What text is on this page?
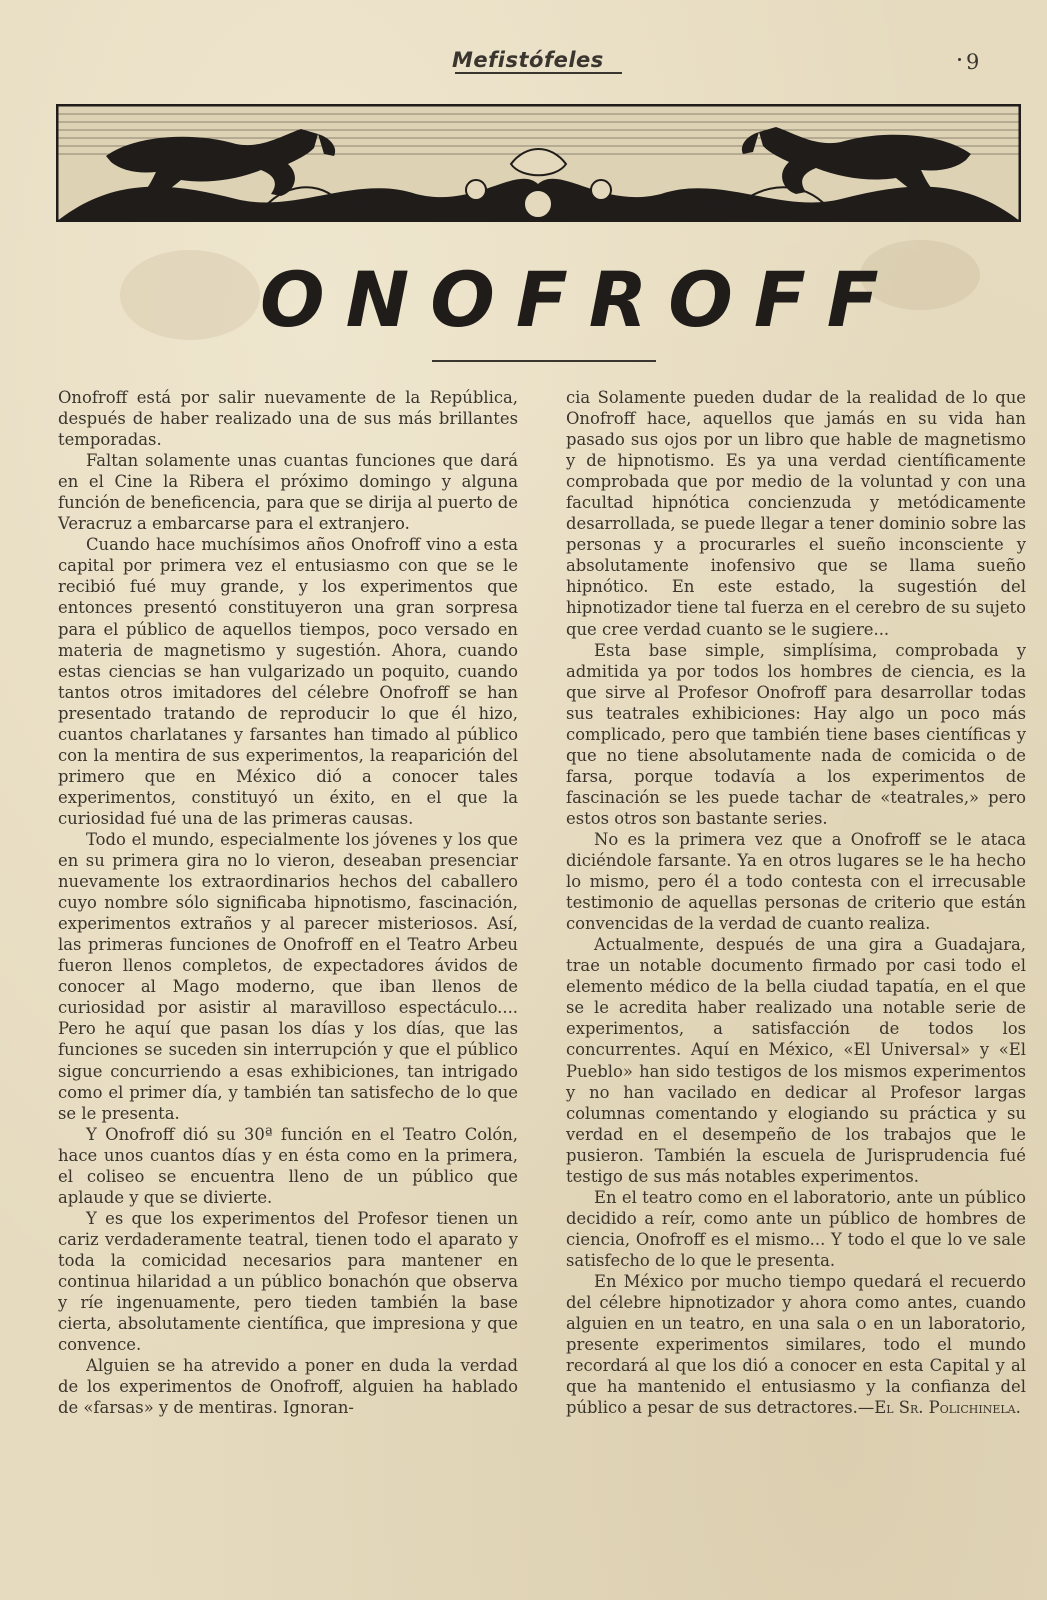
Mefistófeles	9
ONOFROFF

Onofroff está por salir nuevamente de la República, después de haber realizado una de sus más brillantes temporadas.

Faltan solamente unas cuantas funciones que dará en el Cine la Ribera el próximo domingo y alguna función de beneficencia, para que se dirija al puerto de Veracruz a embarcarse para el extranjero.

Cuando hace muchísimos años Onofroff vino a esta capital por primera vez el entusiasmo con que se le recibió fué muy grande, y los experimentos que entonces presentó constituyeron una gran sorpresa para el público de aquellos tiempos, poco versado en materia de magnetismo y sugestión. Ahora, cuando estas ciencias se han vulgarizado un poquito, cuando tantos otros imitadores del célebre Onofroff se han presentado tratando de reproducir lo que él hizo, cuantos charlatanes y farsantes han timado al público con la mentira de sus experimentos, la reaparición del primero que en México dió a conocer tales experimentos, constituyó un éxito, en el que la curiosidad fué una de las primeras causas.

Todo el mundo, especialmente los jóvenes y los que en su primera gira no lo vieron, deseaban presenciar nuevamente los extraordinarios hechos del caballero cuyo nombre sólo significaba hipnotismo, fascinación, experimentos extraños y al parecer misteriosos. Así, las primeras funciones de Onofroff en el Teatro Arbeu fueron llenos completos, de expectadores ávidos de conocer al Mago moderno, que iban llenos de curiosidad por asistir al maravilloso espectáculo.... Pero he aquí que pasan los días y los días, que las funciones se suceden sin interrupción y que el público sigue concurriendo a esas exhibiciones, tan intrigado como el primer día, y también tan satisfecho de lo que se le presenta.

Y Onofroff dió su 30ª función en el Teatro Colón, hace unos cuantos días y en ésta como en la primera, el coliseo se encuentra lleno de un público que aplaude y que se divierte.

Y es que los experimentos del Profesor tienen un cariz verdaderamente teatral, tienen todo el aparato y toda la comicidad necesarios para mantener en continua hilaridad a un público bonachón que observa y ríe ingenuamente, pero tieden también la base cierta, absolutamente científica, que impresiona y que convence.

Alguien se ha atrevido a poner en duda la verdad de los experimentos de Onofroff, alguien ha hablado de «farsas» y de mentiras. Ignoran-

cia Solamente pueden dudar de la realidad de lo que Onofroff hace, aquellos que jamás en su vida han pasado sus ojos por un libro que hable de magnetismo y de hipnotismo. Es ya una verdad científicamente comprobada que por medio de la voluntad y con una facultad hipnótica concienzuda y metódicamente desarrollada, se puede llegar a tener dominio sobre las personas y a procurarles el sueño inconsciente y absolutamente inofensivo que se llama sueño hipnótico. En este estado, la sugestión del hipnotizador tiene tal fuerza en el cerebro de su sujeto que cree verdad cuanto se le sugiere...

Esta base simple, simplísima, comprobada y admitida ya por todos los hombres de ciencia, es la que sirve al Profesor Onofroff para desarrollar todas sus teatrales exhibiciones: Hay algo un poco más complicado, pero que también tiene bases científicas y que no tiene absolutamente nada de comicida o de farsa, porque todavía a los experimentos de fascinación se les puede tachar de «teatrales,» pero estos otros son bastante series.

No es la primera vez que a Onofroff se le ataca diciéndole farsante. Ya en otros lugares se le ha hecho lo mismo, pero él a todo contesta con el irrecusable testimonio de aquellas personas de criterio que están convencidas de la verdad de cuanto realiza.

Actualmente, después de una gira a Guadajara, trae un notable documento firmado por casi todo el elemento médico de la bella ciudad tapatía, en el que se le acredita haber realizado una notable serie de experimentos, a satisfacción de todos los concurrentes. Aquí en México, «El Universal» y «El Pueblo» han sido testigos de los mismos experimentos y no han vacilado en dedicar al Profesor largas columnas comentando y elogiando su práctica y su verdad en el desempeño de los trabajos que le pusieron. También la escuela de Jurisprudencia fué testigo de sus más notables experimentos.

En el teatro como en el laboratorio, ante un público decidido a reír, como ante un público de hombres de ciencia, Onofroff es el mismo... Y todo el que lo ve sale satisfecho de lo que le presenta.

En México por mucho tiempo quedará el recuerdo del célebre hipnotizador y ahora como antes, cuando alguien en un teatro, en una sala o en un laboratorio, presente experimentos similares, todo el mundo recordará al que los dió a conocer en esta Capital y al que ha mantenido el entusiasmo y la confianza del público a pesar de sus detractores.—El Sr. Polichinela.
